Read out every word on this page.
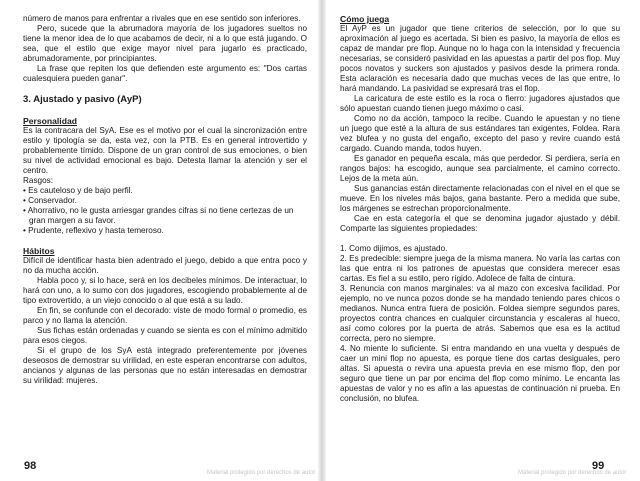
número de manos para enfrentar a rivales que en ese sentido son inferiores.

Pero, sucede que la abrumadora mayoría de los jugadores sueltos no tiene la menor idea de lo que acabamos de decir, ni a lo que está jugando. O sea, que el estilo que exige mayor nivel para jugarlo es practicado, abrumadoramente, por principiantes.

La frase que repiten los que defienden este argumento es: "Dos cartas cualesquiera pueden ganar".

3. Ajustado y pasivo (AyP)
Personalidad

Es la contracara del SyA. Ese es el motivo por el cual la sincronización entre estilo y tipología se da, esta vez, con la PTB. Es en general introvertido y probablemente tímido. Dispone de un gran control de sus emociones, o bien su nivel de actividad emocional es bajo. Detesta llamar la atención y ser el centro.

Rasgos:

• Es cauteloso y de bajo perfil.
• Conservador.
• Ahorrativo, no le gusta arriesgar grandes cifras si no tiene certezas de un gran margen a su favor.
• Prudente, reflexivo y hasta temeroso.
Hábitos

Difícil de identificar hasta bien adentrado el juego, debido a que entra poco y no da mucha acción.

Habla poco y, si lo hace, será en los decibeles mínimos. De interactuar, lo hará con uno, a lo sumo con dos jugadores, escogiendo probablemente al de tipo extrovertido, a un viejo conocido o al que está a su lado.

En fin, se confunde con el decorado: viste de modo formal o promedio, es parco y no llama la atención.

Sus fichas están ordenadas y cuando se sienta es con el mínimo admitido para esos ciegos.

Si el grupo de los SyA está integrado preferentemente por jóvenes deseosos de demostrar su virilidad, en este esperan encontrarse con adultos, ancianos y algunas de las personas que no están interesadas en demostrar su virilidad: mujeres.

Cómo juega

El AyP es un jugador que tiene criterios de selección, por lo que su aproximación al juego es acertada. Si bien es pasivo, la mayoría de ellos es capaz de mandar pre flop. Aunque no lo haga con la intensidad y frecuencia necesarias, se consideró pasividad en las apuestas a partir del pos flop. Muy pocos novatos y suckers son ajustados y pasivos desde la primera ronda. Esta aclaración es necesaria dado que muchas veces de las que entre, lo hará mandando. La pasividad se expresará tras el flop.

La caricatura de este estilo es la roca o fierro: jugadores ajustados que sólo apuestan cuando tienen juego máximo o casi.

Como no da acción, tampoco la recibe. Cuando le apuestan y no tiene un juego que esté a la altura de sus estándares tan exigentes, Foldea. Rara vez blufea y no gusta del engaño, excepto del paso y revire cuando está cargado. Cuando manda, todos huyen.

Es ganador en pequeña escala, más que perdedor. Si perdiera, sería en rangos bajos: ha escogido, aunque sea parcialmente, el camino correcto. Lejos de la meta aún.

Sus ganancias están directamente relacionadas con el nivel en el que se mueve. En los niveles más bajos, gana bastante. Pero a medida que sube, los márgenes se estrechan proporcionalmente.

Cae en esta categoría el que se denomina jugador ajustado y débil. Comparte las siguientes propiedades:

1. Como dijimos, es ajustado.

2. Es predecible: siempre juega de la misma manera. No varía las cartas con las que entra ni los patrones de apuestas que considera merecer esas cartas. Es fiel a su estilo, pero rígido. Adolece de falta de cintura.

3. Renuncia con manos marginales: va al mazo con excesiva facilidad. Por ejemplo, no ve nunca pozos donde se ha mandado teniendo pares chicos o medianos. Nunca entra fuera de posición. Foldea siempre segundos pares, proyectos contra chances en cualquier circunstancia y escaleras al hueco, así como colores por la puerta de atrás. Sabemos que esa es la actitud correcta, pero no siempre.

4. No miente lo suficiente. Si entra mandando en una vuelta y después de caer un mini flop no apuesta, es porque tiene dos cartas desiguales, pero altas. Si apuesta o revira una apuesta previa en ese mismo flop, den por seguro que tiene un par por encima del flop como mínimo. Le encanta las apuestas de valor y no es afín a las apuestas de continuación ni prueba. En conclusión, no blufea.

98	99
Material protegido por derechos de autor	Material protegido por derechos de autor
